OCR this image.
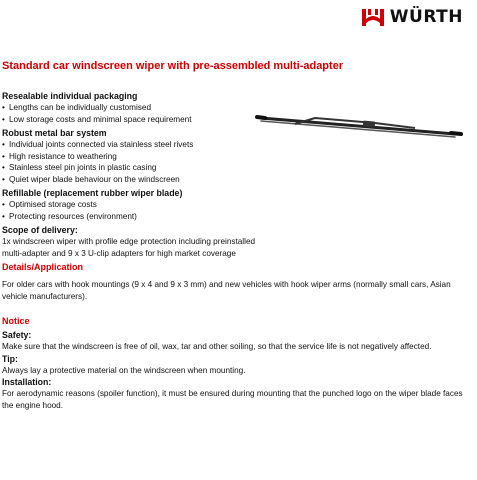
WÜRTH
Standard car windscreen wiper with pre-assembled multi-adapter
Resealable individual packaging
• Lengths can be individually customised
• Low storage costs and minimal space requirement
Robust metal bar system
• Individual joints connected via stainless steel rivets
• High resistance to weathering
• Stainless steel pin joints in plastic casing
• Quiet wiper blade behaviour on the windscreen
Refillable (replacement rubber wiper blade)
• Optimised storage costs
• Protecting resources (environment)
Scope of delivery:

1x windscreen wiper with profile edge protection including preinstalled multi-adapter and 9 x 3 U-clip adapters for high market coverage

Details/Application

For older cars with hook mountings (9 x 4 and 9 x 3 mm) and new vehicles with hook wiper arms (normally small cars, Asian vehicle manufacturers).

Notice
Safety:

Make sure that the windscreen is free of oil, wax, tar and other soiling, so that the service life is not negatively affected.

Tip:

Always lay a protective material on the windscreen when mounting.

Installation:

For aerodynamic reasons (spoiler function), it must be ensured during mounting that the punched logo on the wiper blade faces the engine hood.
